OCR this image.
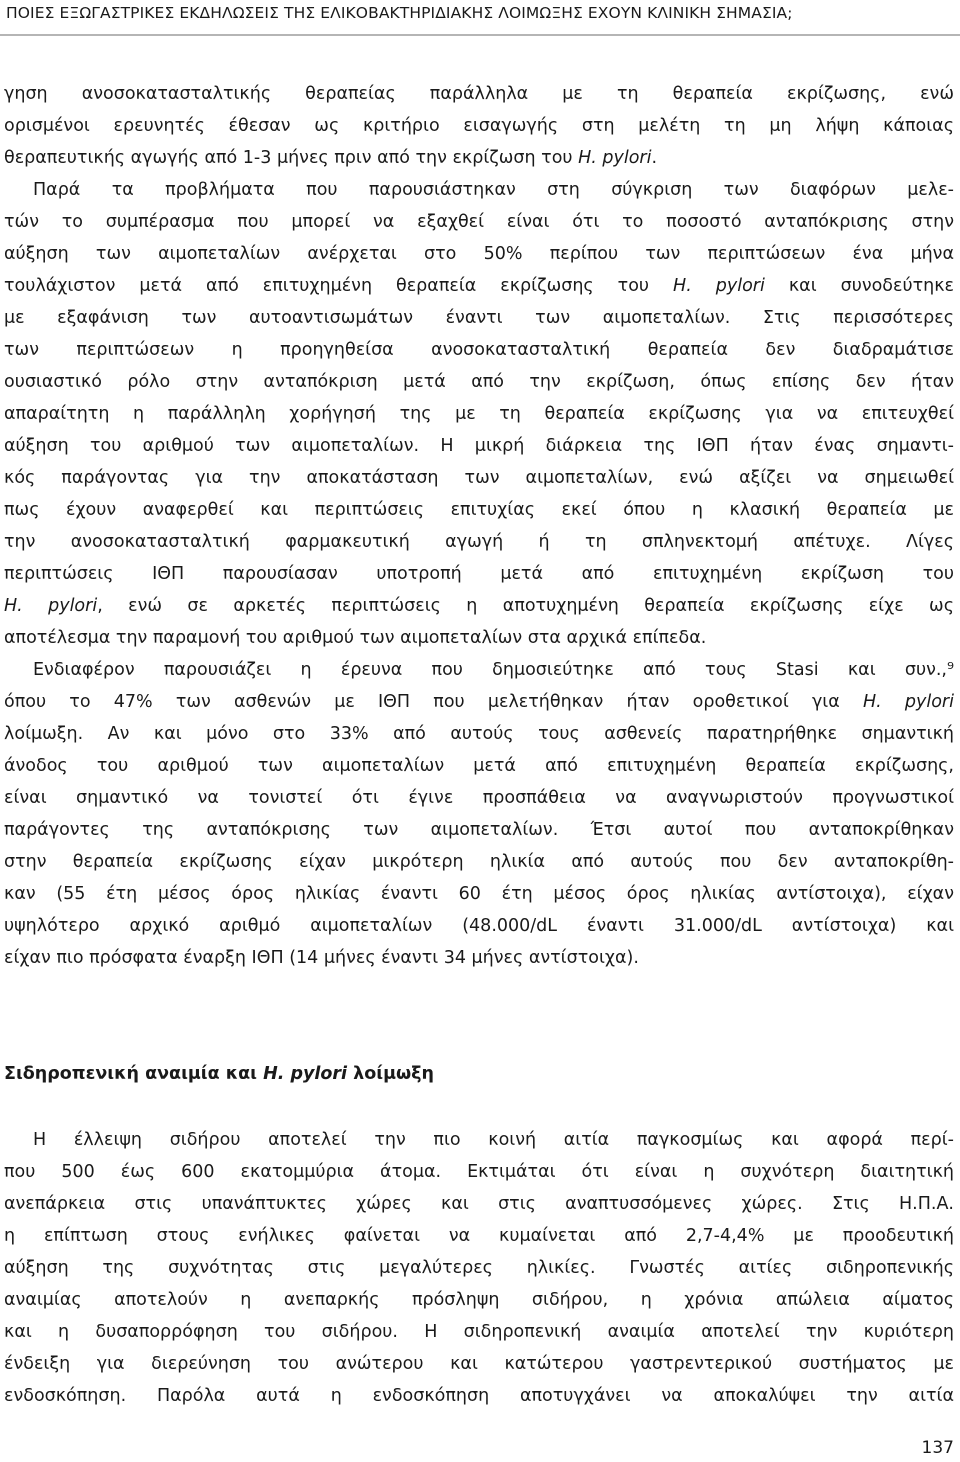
ΠΟΙΕΣ ΕΞΩΓΑΣΤΡΙΚΕΣ ΕΚΔΗΛΩΣΕΙΣ ΤΗΣ ΕΛΙΚΟΒΑΚΤΗΡΙΔΙΑΚΗΣ ΛΟΙΜΩΞΗΣ ΕΧΟΥΝ ΚΛΙΝΙΚΗ ΣΗΜΑΣΙΑ;
γηση ανοσοκατασταλτικής θεραπείας παράλληλα με τη θεραπεία εκρίζωσης, ενώ
ορισμένοι ερευνητές έθεσαν ως κριτήριο εισαγωγής στη μελέτη τη μη λήψη κάποιας
θεραπευτικής αγωγής από 1-3 μήνες πριν από την εκρίζωση του Η. pylori.
Παρά τα προβλήματα που παρουσιάστηκαν στη σύγκριση των διαφόρων μελε-
τών το συμπέρασμα που μπορεί να εξαχθεί είναι ότι το ποσοστό ανταπόκρισης στην
αύξηση των αιμοπεταλίων ανέρχεται στο 50% περίπου των περιπτώσεων ένα μήνα
τουλάχιστον μετά από επιτυχημένη θεραπεία εκρίζωσης του Η. pylori και συνοδεύτηκε
με εξαφάνιση των αυτοαντισωμάτων έναντι των αιμοπεταλίων. Στις περισσότερες
των περιπτώσεων η προηγηθείσα ανοσοκατασταλτική θεραπεία δεν διαδραμάτισε
ουσιαστικό ρόλο στην ανταπόκριση μετά από την εκρίζωση, όπως επίσης δεν ήταν
απαραίτητη η παράλληλη χορήγησή της με τη θεραπεία εκρίζωσης για να επιτευχθεί
αύξηση του αριθμού των αιμοπεταλίων. Η μικρή διάρκεια της ΙΘΠ ήταν ένας σημαντι-
κός παράγοντας για την αποκατάσταση των αιμοπεταλίων, ενώ αξίζει να σημειωθεί
πως έχουν αναφερθεί και περιπτώσεις επιτυχίας εκεί όπου η κλασική θεραπεία με
την ανοσοκατασταλτική φαρμακευτική αγωγή ή τη σπληνεκτομή απέτυχε. Λίγες
περιπτώσεις ΙΘΠ παρουσίασαν υποτροπή μετά από επιτυχημένη εκρίζωση του
Η. pylori, ενώ σε αρκετές περιπτώσεις η αποτυχημένη θεραπεία εκρίζωσης είχε ως
αποτέλεσμα την παραμονή του αριθμού των αιμοπεταλίων στα αρχικά επίπεδα.
Ενδιαφέρον παρουσιάζει η έρευνα που δημοσιεύτηκε από τους Stasi και συν.,⁹
όπου το 47% των ασθενών με ΙΘΠ που μελετήθηκαν ήταν οροθετικοί για Η. pylori
λοίμωξη. Αν και μόνο στο 33% από αυτούς τους ασθενείς παρατηρήθηκε σημαντική
άνοδος του αριθμού των αιμοπεταλίων μετά από επιτυχημένη θεραπεία εκρίζωσης,
είναι σημαντικό να τονιστεί ότι έγινε προσπάθεια να αναγνωριστούν προγνωστικοί
παράγοντες της ανταπόκρισης των αιμοπεταλίων. Έτσι αυτοί που ανταποκρίθηκαν
στην θεραπεία εκρίζωσης είχαν μικρότερη ηλικία από αυτούς που δεν ανταποκρίθη-
καν (55 έτη μέσος όρος ηλικίας έναντι 60 έτη μέσος όρος ηλικίας αντίστοιχα), είχαν
υψηλότερο αρχικό αριθμό αιμοπεταλίων (48.000/dL έναντι 31.000/dL αντίστοιχα) και
είχαν πιο πρόσφατα έναρξη ΙΘΠ (14 μήνες έναντι 34 μήνες αντίστοιχα).
Σιδηροπενική αναιμία και Η. pylori λοίμωξη
Η έλλειψη σιδήρου αποτελεί την πιο κοινή αιτία παγκοσμίως και αφορά περί-
που 500 έως 600 εκατομμύρια άτομα. Εκτιμάται ότι είναι η συχνότερη διαιτητική
ανεπάρκεια στις υπανάπτυκτες χώρες και στις αναπτυσσόμενες χώρες. Στις Η.Π.Α.
η επίπτωση στους ενήλικες φαίνεται να κυμαίνεται από 2,7-4,4% με προοδευτική
αύξηση της συχνότητας στις μεγαλύτερες ηλικίες. Γνωστές αιτίες σιδηροπενικής
αναιμίας αποτελούν η ανεπαρκής πρόσληψη σιδήρου, η χρόνια απώλεια αίματος
και η δυσαπορρόφηση του σιδήρου. Η σιδηροπενική αναιμία αποτελεί την κυριότερη
ένδειξη για διερεύνηση του ανώτερου και κατώτερου γαστρεντερικού συστήματος με
ενδοσκόπηση. Παρόλα αυτά η ενδοσκόπηση αποτυγχάνει να αποκαλύψει την αιτία
137
